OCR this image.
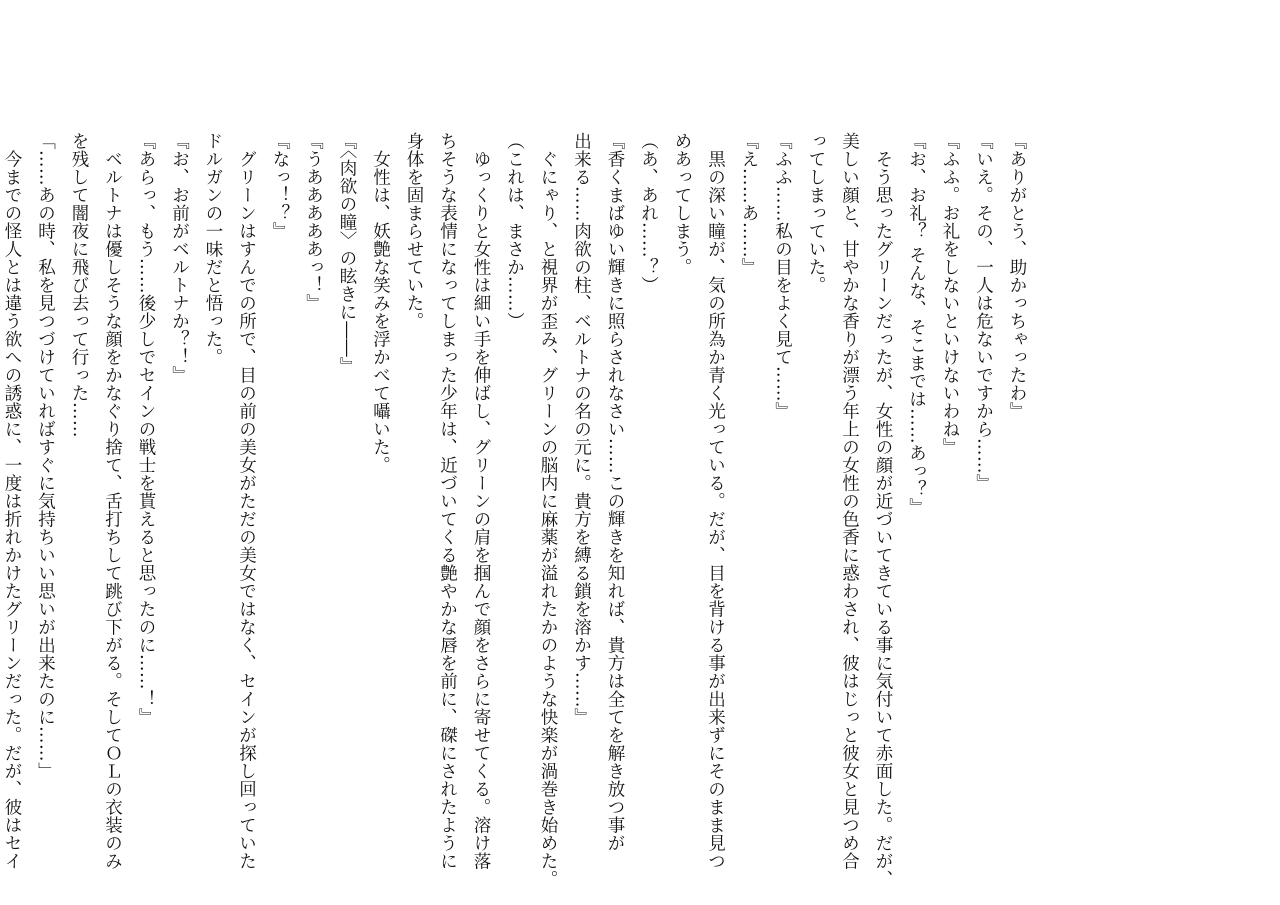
『ありがとう、助かっちゃったわ』
『いえ。その、一人は危ないですから……』
『ふふ。お礼をしないといけないわね』
『お、お礼？ そんな、そこまでは……あっ？』
　そう思ったグリーンだったが、女性の顔が近づいてきている事に気付いて赤面した。だが、
美しい顔と、甘やかな香りが漂う年上の女性の色香に惑わされ、彼はじっと彼女と見つめ合
ってしまっていた。
『ふふ……私の目をよく見て……』
『え……あ……』
　黒の深い瞳が、気の所為か青く光っている。だが、目を背ける事が出来ずにそのまま見つ
めあってしまう。
（あ、あれ……？）
『香くまばゆい輝きに照らされなさい……この輝きを知れば、貴方は全てを解き放つ事が
出来る……肉欲の柱、ベルトナの名の元に。貴方を縛る鎖を溶かす……』
　ぐにゃり、と視界が歪み、グリーンの脳内に麻薬が溢れたかのような快楽が渦巻き始めた。
（これは、まさか……）
　ゆっくりと女性は細い手を伸ばし、グリーンの肩を掴んで顔をさらに寄せてくる。溶け落
ちそうな表情になってしまった少年は、近づいてくる艶やかな唇を前に、磔にされたように
身体を固まらせていた。
　女性は、妖艶な笑みを浮かべて囁いた。
『〈肉欲の瞳〉の眩きに――』
『うあああああっ！』
『なっ！？』
　グリーンはすんでの所で、目の前の美女がただの美女ではなく、セインが探し回っていた
ドルガンの一味だと悟った。
『お、お前がベルトナか？！』
『あらっ、もう……後少しでセインの戦士を貰えると思ったのに……！』
　ベルトナは優しそうな顔をかなぐり捨て、舌打ちして跳び下がる。そしてＯＬの衣装のみ
を残して闇夜に飛び去って行った……
「……あの時、私を見つづけていればすぐに気持ちいい思いが出来たのに……」
　今までの怪人とは違う欲への誘惑に、一度は折れかけたグリーンだった。だが、彼はセイ
